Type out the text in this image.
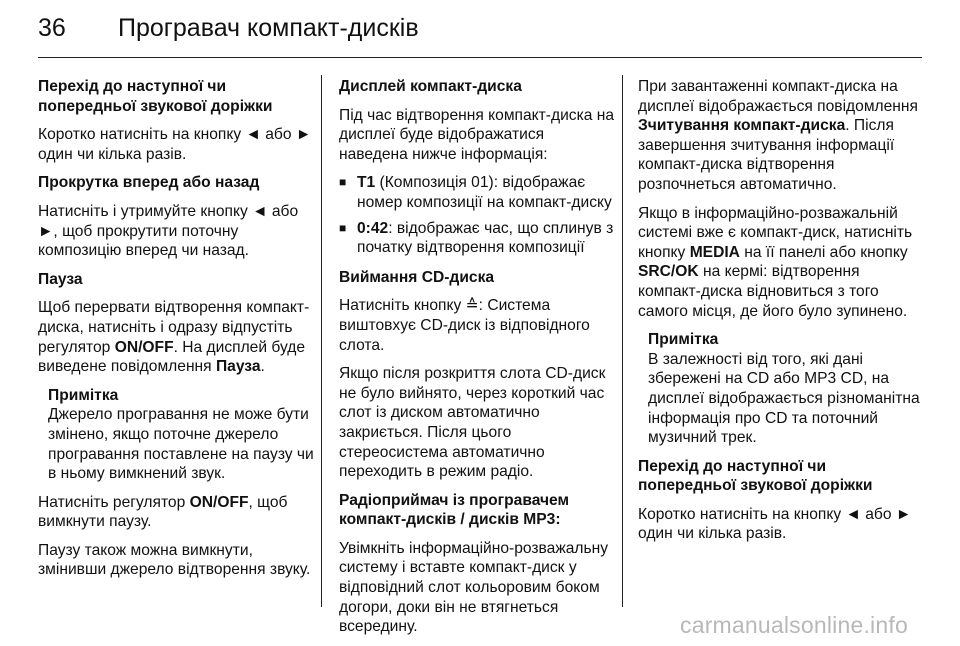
36	Програвач компакт-дисків

Перехід до наступної чи попередньої звукової доріжки

Коротко натисніть на кнопку ◄ або ► один чи кілька разів.

Прокрутка вперед або назад

Натисніть і утримуйте кнопку ◄ або ►, щоб прокрутити поточну композицію вперед чи назад.

Пауза

Щоб перервати відтворення компакт-диска, натисніть і одразу відпустіть регулятор ON/OFF. На дисплей буде виведене повідомлення Пауза.

Примітка

Джерело програвання не може бути змінено, якщо поточне джерело програвання поставлене на паузу чи в ньому вимкнений звук.

Натисніть регулятор ON/OFF, щоб вимкнути паузу.

Паузу також можна вимкнути, змінивши джерело відтворення звуку.

Дисплей компакт-диска

Під час відтворення компакт-диска на дисплеї буде відображатися наведена нижче інформація:

■ T1 (Композиція 01): відображає номер композиції на компакт-диску
■ 0:42: відображає час, що сплинув з початку відтворення композиції

Виймання CD-диска

Натисніть кнопку ≙: Система виштовхує CD-диск із відповідного слота.

Якщо після розкриття слота CD-диск не було вийнято, через короткий час слот із диском автоматично закриється. Після цього стереосистема автоматично переходить в режим радіо.

Радіоприймач із програвачем компакт-дисків / дисків MP3:

Увімкніть інформаційно-розважальну систему і вставте компакт-диск у відповідний слот кольоровим боком догори, доки він не втягнеться всередину.

При завантаженні компакт-диска на дисплеї відображається повідомлення Зчитування компакт-диска. Після завершення зчитування інформації компакт-диска відтворення розпочнеться автоматично.

Якщо в інформаційно-розважальній системі вже є компакт-диск, натисніть кнопку MEDIA на її панелі або кнопку SRC/OK на кермі: відтворення компакт-диска відновиться з того самого місця, де його було зупинено.

Примітка

В залежності від того, які дані збережені на CD або MP3 CD, на дисплеї відображається різноманітна інформація про CD та поточний музичний трек.

Перехід до наступної чи попередньої звукової доріжки

Коротко натисніть на кнопку ◄ або ► один чи кілька разів.

carmanualsonline.info
